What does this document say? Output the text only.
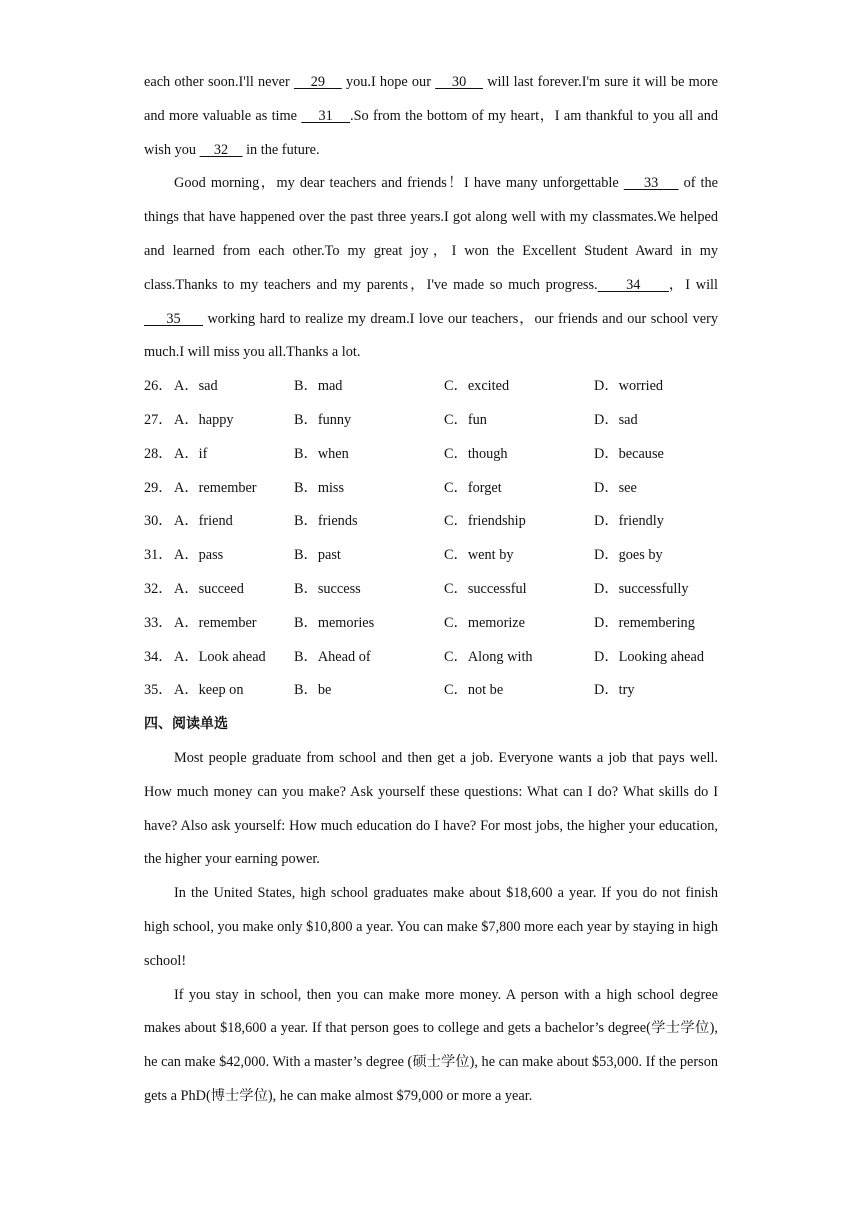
each other soon.I'll never     29     you.I hope our     30     will last forever.I'm sure it will be more and more valuable as time     31    .So from the bottom of my heart，I am thankful to you all and wish you     32     in the future.

Good morning，my dear teachers and friends！I have many unforgettable     33     of the things that have happened over the past three years.I got along well with my classmates.We helped and learned from each other.To my great joy，I won the Excellent Student Award in my class.Thanks to my teachers and my parents，I've made so much progress.     34     ，I will      35      working hard to realize my dream.I love our teachers，our friends and our school very much.I will miss you all.Thanks a lot.

26． A．sad	B．mad	C．excited	D．worried
27． A．happy	B．funny	C．fun	D．sad
28． A．if	B．when	C．though	D．because
29． A．remember	B．miss	C．forget	D．see
30． A．friend	B．friends	C．friendship	D．friendly
31． A．pass	B．past	C．went by	D．goes by
32． A．succeed	B．success	C．successful	D．successfully
33． A．remember	B．memories	C．memorize	D．remembering
34． A．Look ahead	B．Ahead of	C．Along with	D．Looking ahead
35． A．keep on	B．be	C．not be	D．try
四、阅读单选

Most people graduate from school and then get a job. Everyone wants a job that pays well. How much money can you make? Ask yourself these questions: What can I do? What skills do I have? Also ask yourself: How much education do I have? For most jobs, the higher your education, the higher your earning power.

In the United States, high school graduates make about $18,600 a year. If you do not finish high school, you make only $10,800 a year. You can make $7,800 more each year by staying in high school!

If you stay in school, then you can make more money. A person with a high school degree makes about $18,600 a year. If that person goes to college and gets a bachelor’s degree(学士学位), he can make $42,000. With a master’s degree (硕士学位), he can make about $53,000. If the person gets a PhD(博士学位), he can make almost $79,000 or more a year.
